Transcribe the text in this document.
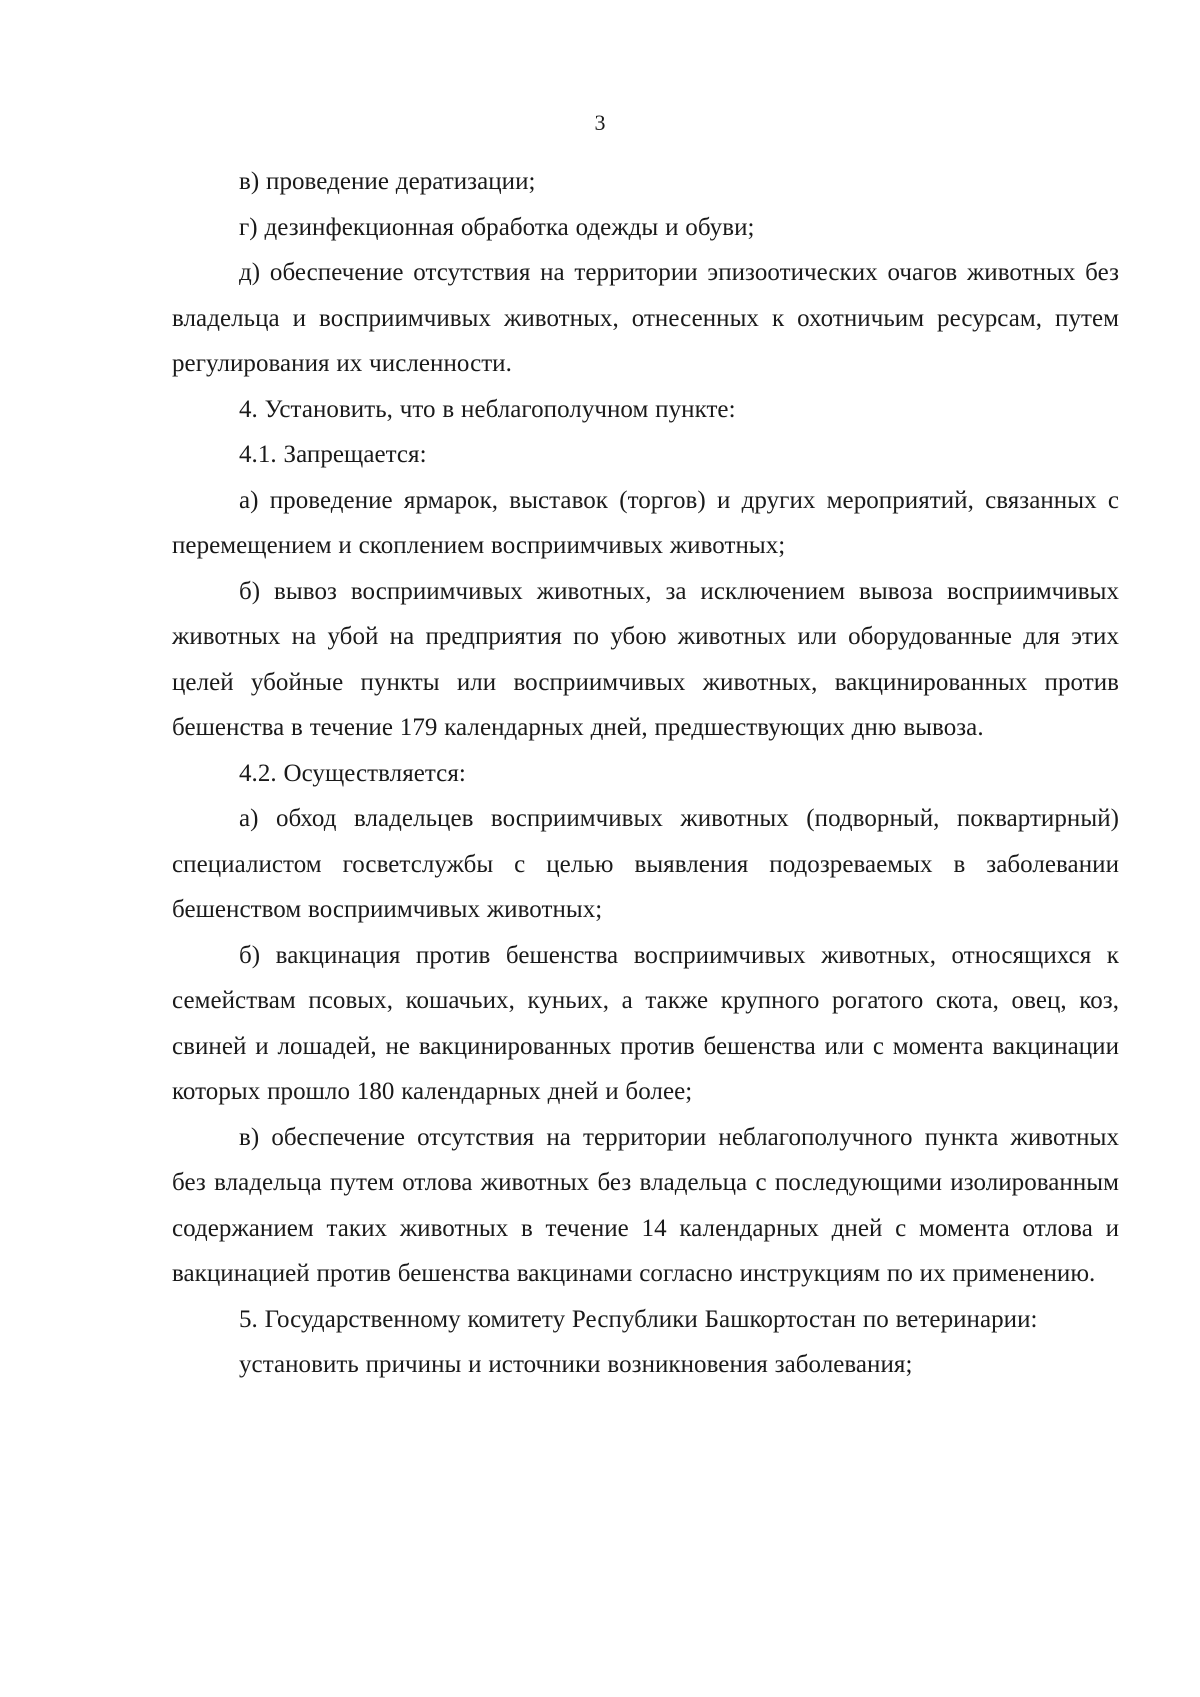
3

в) проведение дератизации;

г) дезинфекционная обработка одежды и обуви;

д) обеспечение отсутствия на территории эпизоотических очагов животных без владельца и восприимчивых животных, отнесенных к охотничьим ресурсам, путем регулирования их численности.

4. Установить, что в неблагополучном пункте:

4.1. Запрещается:

а) проведение ярмарок, выставок (торгов) и других мероприятий, связанных с перемещением и скоплением восприимчивых животных;

б) вывоз восприимчивых животных, за исключением вывоза восприимчивых животных на убой на предприятия по убою животных или оборудованные для этих целей убойные пункты или восприимчивых животных, вакцинированных против бешенства в течение 179 календарных дней, предшествующих дню вывоза.

4.2. Осуществляется:

а) обход владельцев восприимчивых животных (подворный, поквартирный) специалистом госветслужбы с целью выявления подозреваемых в заболевании бешенством восприимчивых животных;

б) вакцинация против бешенства восприимчивых животных, относящихся к семействам псовых, кошачьих, куньих, а также крупного рогатого скота, овец, коз, свиней и лошадей, не вакцинированных против бешенства или с момента вакцинации которых прошло 180 календарных дней и более;

в) обеспечение отсутствия на территории неблагополучного пункта животных без владельца путем отлова животных без владельца с последующими изолированным содержанием таких животных в течение 14 календарных дней с момента отлова и вакцинацией против бешенства вакцинами согласно инструкциям по их применению.

5. Государственному комитету Республики Башкортостан по ветеринарии:

установить причины и источники возникновения заболевания;
